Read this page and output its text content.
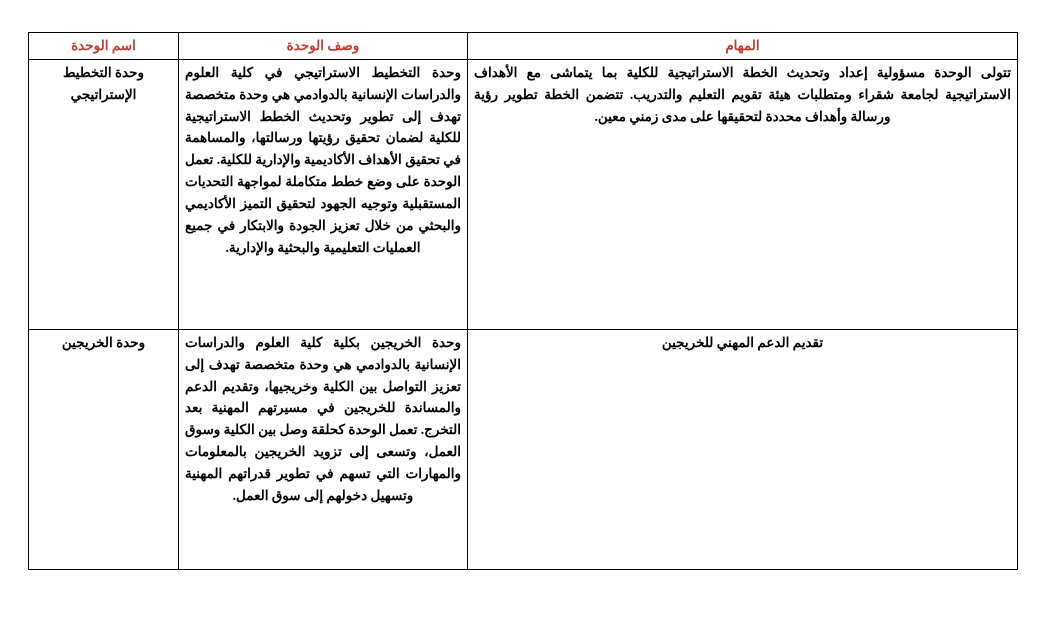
المهام	وصف الوحدة	اسم الوحدة
تتولى الوحدة مسؤولية إعداد وتحديث الخطة الاستراتيجية للكلية بما يتماشى مع الأهداف الاستراتيجية لجامعة شقراء ومتطلبات هيئة تقويم التعليم والتدريب. تتضمن الخطة تطوير رؤية ورسالة وأهداف محددة لتحقيقها على مدى زمني معين.	وحدة التخطيط الاستراتيجي في كلية العلوم والدراسات الإنسانية بالدوادمي هي وحدة متخصصة تهدف إلى تطوير وتحديث الخطط الاستراتيجية للكلية لضمان تحقيق رؤيتها ورسالتها، والمساهمة في تحقيق الأهداف الأكاديمية والإدارية للكلية. تعمل الوحدة على وضع خطط متكاملة لمواجهة التحديات المستقبلية وتوجيه الجهود لتحقيق التميز الأكاديمي والبحثي من خلال تعزيز الجودة والابتكار في جميع العمليات التعليمية والبحثية والإدارية.	وحدة التخطيط الإستراتيجي
تقديم الدعم المهني للخريجين	وحدة الخريجين بكلية كلية العلوم والدراسات الإنسانية بالدوادمي هي وحدة متخصصة تهدف إلى تعزيز التواصل بين الكلية وخريجيها، وتقديم الدعم والمساندة للخريجين في مسيرتهم المهنية بعد التخرج. تعمل الوحدة كحلقة وصل بين الكلية وسوق العمل، وتسعى إلى تزويد الخريجين بالمعلومات والمهارات التي تسهم في تطوير قدراتهم المهنية وتسهيل دخولهم إلى سوق العمل.	وحدة الخريجين
